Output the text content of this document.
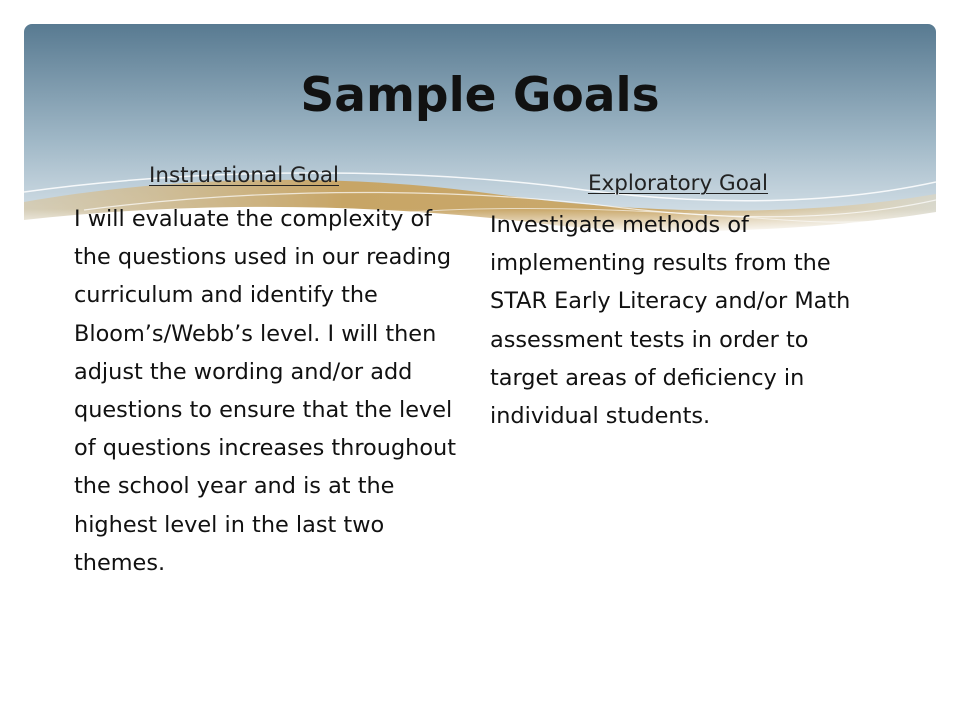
Sample Goals

Instructional Goal

I will evaluate the complexity of the questions used in our reading curriculum and identify the Bloom’s/Webb’s level. I will then adjust the wording and/or add questions to ensure that the level of questions increases throughout the school year and is at the highest level in the last two themes.

Exploratory Goal

Investigate methods of implementing results from the STAR Early Literacy and/or Math assessment tests in order to target areas of deficiency in individual students.
